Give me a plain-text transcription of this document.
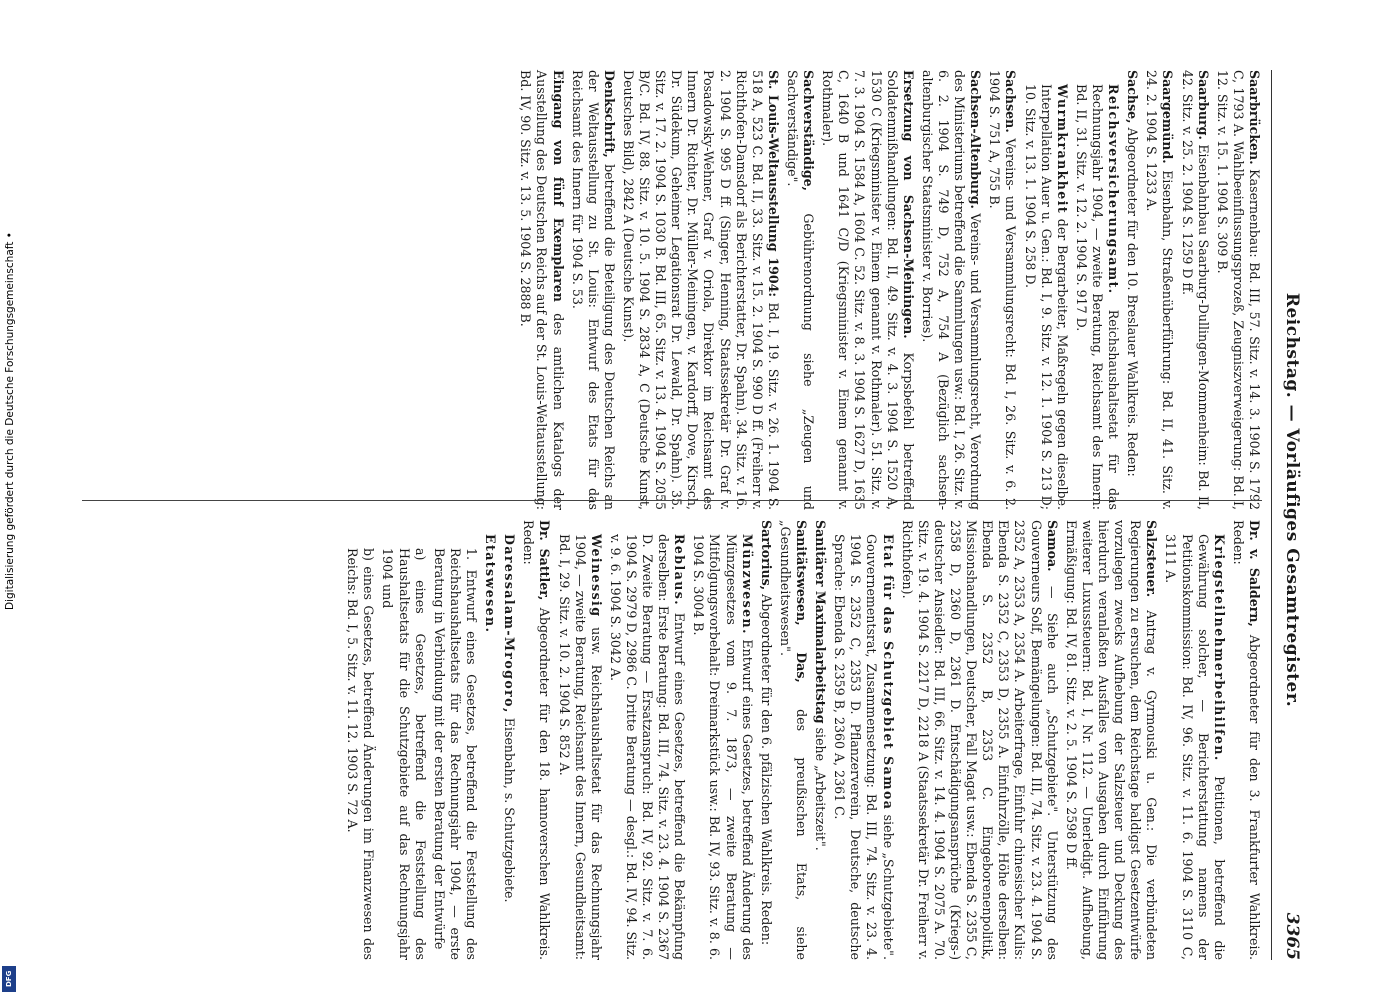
Digitalisierung gefördert durch die Deutsche Forschungsgemeinschaft •
DFG
Reichstag. — Vorläufiges Gesamtregister.
3365
Saarbrücken. Kasernenbau: Bd. III, 57. Sitz. v. 14. 3. 1904 S. 1792 C, 1793 A. Wahlbeeinflussungsprozeß, Zeugniszverweigerung: Bd. I, 12. Sitz. v. 15. 1. 1904 S. 309 B.
Saarburg. Eisenbahnbau Saarburg-Dullingen-Mommenheim: Bd. II, 42. Sitz. v. 25. 2. 1904 S. 1259 D ff.
Saargemünd. Eisenbahn, Straßenüberführung: Bd. II, 41. Sitz. v. 24. 2. 1904 S. 1233 A.
Sachse, Abgeordneter für den 10. Breslauer Wahlkreis. Reden:
Reichsversicherungsamt. Reichshaushaltsetat für das Rechnungsjahr 1904, — zweite Beratung, Reichsamt des Innern: Bd. II, 31. Sitz. v. 12. 2. 1904 S. 917 D.
Wurmkrankheit der Bergarbeiter, Maßregeln gegen dieselbe. Interpellation Auer u. Gen.: Bd. I, 9. Sitz. v. 12. 1. 1904 S. 213 D; 10. Sitz. v. 13. 1. 1904 S. 258 D.
Sachsen. Vereins- und Versammlungsrecht: Bd. I, 26. Sitz. v. 6. 2. 1904 S. 751 A, 755 B.
Sachsen-Altenburg. Vereins- und Versammlungsrecht, Verordnung des Ministeriums betreffend die Sammlungen usw.: Bd. I, 26. Sitz. v. 6. 2. 1904 S. 749 D, 752 A, 754 A (Bezüglich sachsen-altenburgischer Staatsminister v. Borries).
Ersetzung von Sachsen-Meiningen. Korpsbefehl betreffend Soldatenmißhandlungen: Bd. II, 49. Sitz. v. 4. 3. 1904 S. 1520 A, 1530 C (Kriegsminister v. Einem genannt v. Rothmaler). 51. Sitz. v. 7. 3. 1904 S. 1584 A, 1604 C. 52. Sitz. v. 8. 3. 1904 S. 1627 D, 1635 C, 1640 B und 1641 C/D (Kriegsminister v. Einem genannt v. Rothmaler).
Sachverständige, Gebührenordnung siehe „Zeugen und Sachverständige".
St. Louis-Weltausstellung 1904: Bd. I, 19. Sitz. v. 26. 1. 1904 S. 518 A, 523 C. Bd. II, 33. Sitz. v. 15. 2. 1904 S. 990 D ff. (Freiherr v. Richthofen-Damsdorf als Berichterstatter, Dr. Spahn). 34. Sitz. v. 16. 2. 1904 S. 995 D ff. (Singer, Henning, Staatssekretär Dr. Graf v. Posadowsky-Wehner, Graf v. Oriola, Direktor im Reichsamt des Innern Dr. Richter, Dr. Müller-Meiningen, v. Kardorff, Dove, Kirsch, Dr. Südekum, Geheimer Legationsrat Dr. Lewald, Dr. Spahn). 35. Sitz. v. 17. 2. 1904 S. 1030 B. Bd. III, 65. Sitz. v. 13. 4. 1904 S. 2055 B/C. Bd. IV, 88. Sitz. v. 10. 5. 1904 S. 2834 A, C (Deutsche Kunst, Deutsches Bild), 2842 A (Deutsche Kunst).
Denkschrift, betreffend die Beteiligung des Deutschen Reichs an der Weltausstellung zu St. Louis: Entwurf des Etats für das Reichsamt des Innern für 1904 S. 53.
Eingang von fünf Exemplaren des amtlichen Katalogs der Ausstellung des Deutschen Reichs auf der St. Louis-Weltausstellung: Bd. IV, 90. Sitz. v. 13. 5. 1904 S. 2888 B.
Dr. v. Saldern, Abgeordneter für den 3. Frankfurter Wahlkreis. Reden:
Kriegsteilnehmerbeihilfen. Petitionen, betreffend die Gewährung solcher, — Berichterstattung namens der Petitionskommission: Bd. IV, 96. Sitz. v. 11. 6. 1904 S. 3110 C, 3111 A.
Salzsteuer. Antrag v. Gyrmouski u. Gen.: Die verbündeten Regierungen zu ersuchen, dem Reichstage baldigst Gesetzentwürfe vorzulegen zwecks Aufhebung der Salzsteuer und Deckung des hierdurch veranlaßten Ausfalles von Ausgaben durch Einführung weiterer Luxussteuern: Bd. I, Nr. 112. — Unerledigt. Aufhebung, Ermäßigung: Bd. IV, 81. Sitz. v. 2. 5. 1904 S. 2598 D ff.
Samoa. — Siehe auch „Schutzgebiete". Unterstützung des Gouverneurs Solf, Bemängelungen: Bd. III, 74. Sitz. v. 23. 4. 1904 S. 2352 A, 2353 A, 2354 A. Arbeiterfrage, Einfuhr chinesischer Kulis: Ebenda S. 2352 C, 2353 D, 2355 A. Einfuhrzölle, Höhe derselben: Ebenda S. 2352 B, 2353 C. Eingeborenenpolitik, Missionshandlungen, Deutscher, Fall Magat usw.: Ebenda S. 2355 C, 2358 D, 2360 D, 2361 D. Entschädigungsansprüche (Kriegs-) deutscher Ansiedler: Bd. III, 66. Sitz. v. 14. 4. 1904 S. 2075 A. 70. Sitz. v. 19. 4. 1904 S. 2217 D, 2218 A (Staatssekretär Dr. Freiherr v. Richthofen).
Etat für das Schutzgebiet Samoa siehe „Schutzgebiete". Gouvernementsrat, Zusammensetzung: Bd. III, 74. Sitz. v. 23. 4. 1904 S. 2352 C, 2353 D. Pflanzerverein, Deutsche, deutsche Sprache: Ebenda S. 2359 B, 2360 A, 2361 C.
Sanitärer Maximalarbeitstag siehe „Arbeitszeit".
Sanitätswesen, Das, des preußischen Etats, siehe „Gesundheitswesen".
Sartorius, Abgeordneter für den 6. pfälzischen Wahlkreis. Reden:
Münzwesen. Entwurf eines Gesetzes, betreffend Änderung des Münzgesetzes vom 9. 7. 1873, — zweite Beratung — Mitfolgungsvorbehalt: Dreimarkstück usw.: Bd. IV, 93. Sitz. v. 8. 6. 1904 S. 3004 B.
Reblaus. Entwurf eines Gesetzes, betreffend die Bekämpfung derselben: Erste Beratung: Bd. III, 74. Sitz. v. 23. 4. 1904 S. 2367 D. Zweite Beratung — Ersatzanspruch: Bd. IV, 92. Sitz. v. 7. 6. 1904 S. 2979 D, 2986 C. Dritte Beratung — desgl.: Bd. IV, 94. Sitz. v. 9. 6. 1904 S. 3042 A.
Weinessig usw. Reichshaushaltsetat für das Rechnungsjahr 1904, — zweite Beratung, Reichsamt des Innern, Gesundheitsamt: Bd. I, 29. Sitz. v. 10. 2. 1904 S. 852 A.
Dr. Sattler, Abgeordneter für den 18. hannoverschen Wahlkreis. Reden:
Daressalam-Mrogoro, Eisenbahn, s. Schutzgebiete.
Etatswesen.
1. Entwurf eines Gesetzes, betreffend die Feststellung des Reichshaushaltsetats für das Rechnungsjahr 1904, — erste Beratung in Verbindung mit der ersten Beratung der Entwürfe
a) eines Gesetzes, betreffend die Feststellung des Haushaltsetats für die Schutzgebiete auf das Rechnungsjahr 1904 und
b) eines Gesetzes, betreffend Änderungen im Finanzwesen des Reichs: Bd. I, 5. Sitz. v. 11. 12. 1903 S. 72 A.
